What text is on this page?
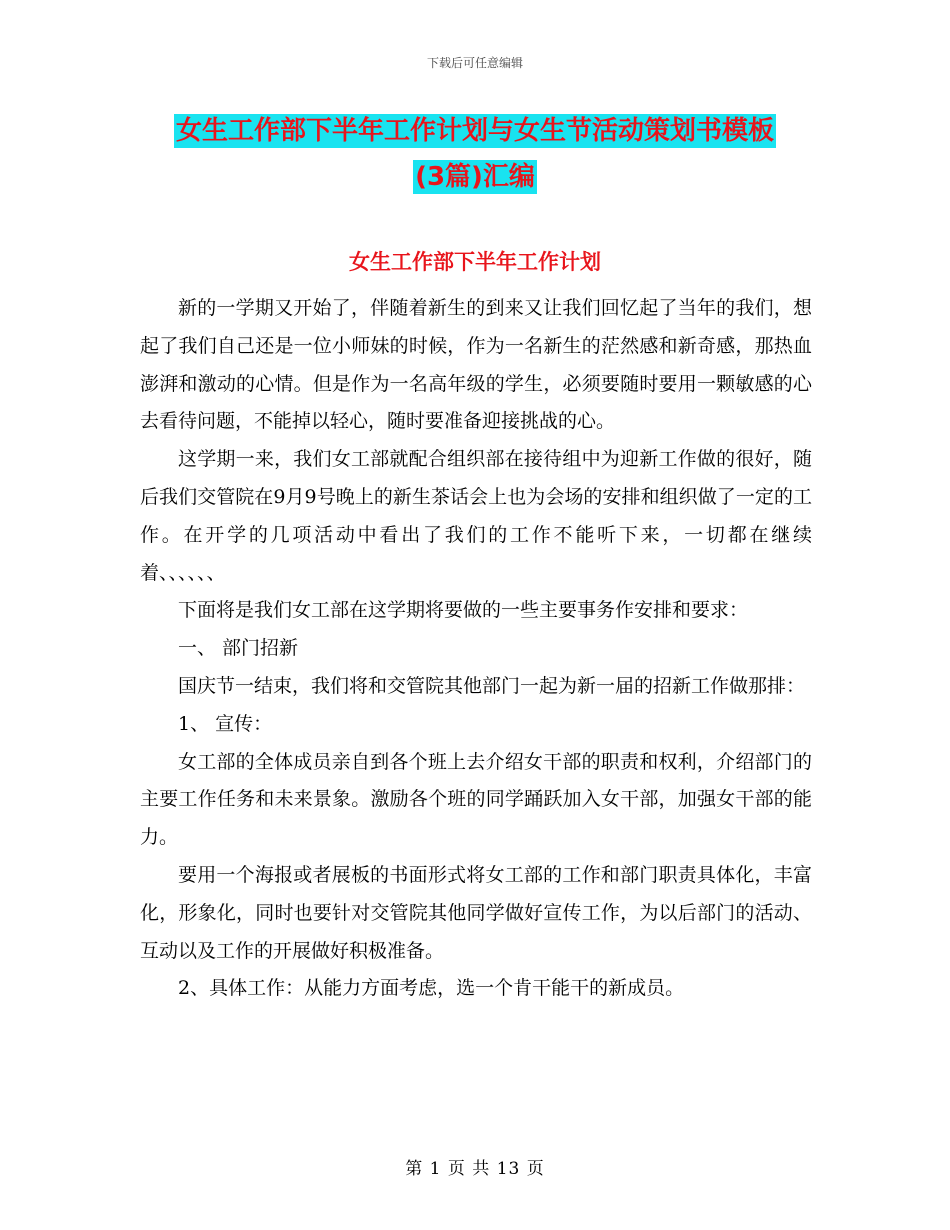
下载后可任意编辑
女生工作部下半年工作计划与女生节活动策划书模板
(3篇)汇编
女生工作部下半年工作计划

新的一学期又开始了，伴随着新生的到来又让我们回忆起了当年的我们，想起了我们自己还是一位小师妹的时候，作为一名新生的茫然感和新奇感，那热血澎湃和激动的心情。但是作为一名高年级的学生，必须要随时要用一颗敏感的心去看待问题，不能掉以轻心，随时要准备迎接挑战的心。

这学期一来，我们女工部就配合组织部在接待组中为迎新工作做的很好，随后我们交管院在9月9号晚上的新生茶话会上也为会场的安排和组织做了一定的工作。在开学的几项活动中看出了我们的工作不能听下来，一切都在继续着、、、、、、

下面将是我们女工部在这学期将要做的一些主要事务作安排和要求：

一、 部门招新

国庆节一结束，我们将和交管院其他部门一起为新一届的招新工作做那排：

1、 宣传：

女工部的全体成员亲自到各个班上去介绍女干部的职责和权利，介绍部门的主要工作任务和未来景象。激励各个班的同学踊跃加入女干部，加强女干部的能力。

要用一个海报或者展板的书面形式将女工部的工作和部门职责具体化，丰富化，形象化，同时也要针对交管院其他同学做好宣传工作，为以后部门的活动、互动以及工作的开展做好积极准备。

2、具体工作：从能力方面考虑，选一个肯干能干的新成员。

第 1 页 共 13 页
